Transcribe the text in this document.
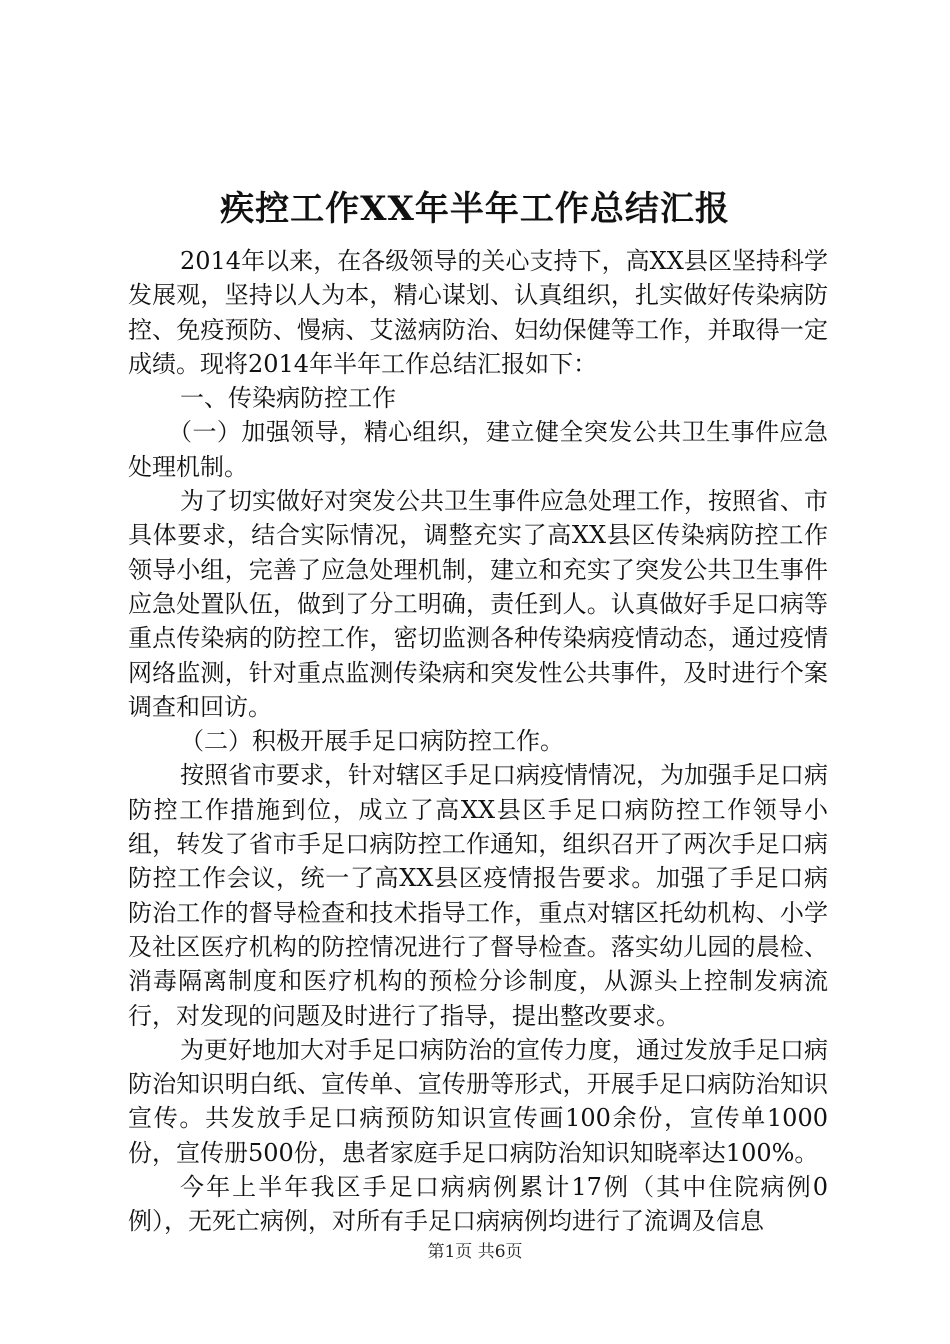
疾控工作XX年半年工作总结汇报

2014年以来，在各级领导的关心支持下，高XX县区坚持科学发展观，坚持以人为本，精心谋划、认真组织，扎实做好传染病防控、免疫预防、慢病、艾滋病防治、妇幼保健等工作，并取得一定成绩。现将2014年半年工作总结汇报如下：

一、传染病防控工作

（一）加强领导，精心组织，建立健全突发公共卫生事件应急处理机制。

为了切实做好对突发公共卫生事件应急处理工作，按照省、市具体要求，结合实际情况，调整充实了高XX县区传染病防控工作领导小组，完善了应急处理机制，建立和充实了突发公共卫生事件应急处置队伍，做到了分工明确，责任到人。认真做好手足口病等重点传染病的防控工作，密切监测各种传染病疫情动态，通过疫情网络监测，针对重点监测传染病和突发性公共事件，及时进行个案调查和回访。

（二）积极开展手足口病防控工作。

按照省市要求，针对辖区手足口病疫情情况，为加强手足口病防控工作措施到位，成立了高XX县区手足口病防控工作领导小组，转发了省市手足口病防控工作通知，组织召开了两次手足口病防控工作会议，统一了高XX县区疫情报告要求。加强了手足口病防治工作的督导检查和技术指导工作，重点对辖区托幼机构、小学及社区医疗机构的防控情况进行了督导检查。落实幼儿园的晨检、消毒隔离制度和医疗机构的预检分诊制度，从源头上控制发病流行，对发现的问题及时进行了指导，提出整改要求。

为更好地加大对手足口病防治的宣传力度，通过发放手足口病防治知识明白纸、宣传单、宣传册等形式，开展手足口病防治知识宣传。共发放手足口病预防知识宣传画100余份，宣传单1000份，宣传册500份，患者家庭手足口病防治知识知晓率达100%。

今年上半年我区手足口病病例累计17例（其中住院病例0例），无死亡病例，对所有手足口病病例均进行了流调及信息

第1页 共6页
